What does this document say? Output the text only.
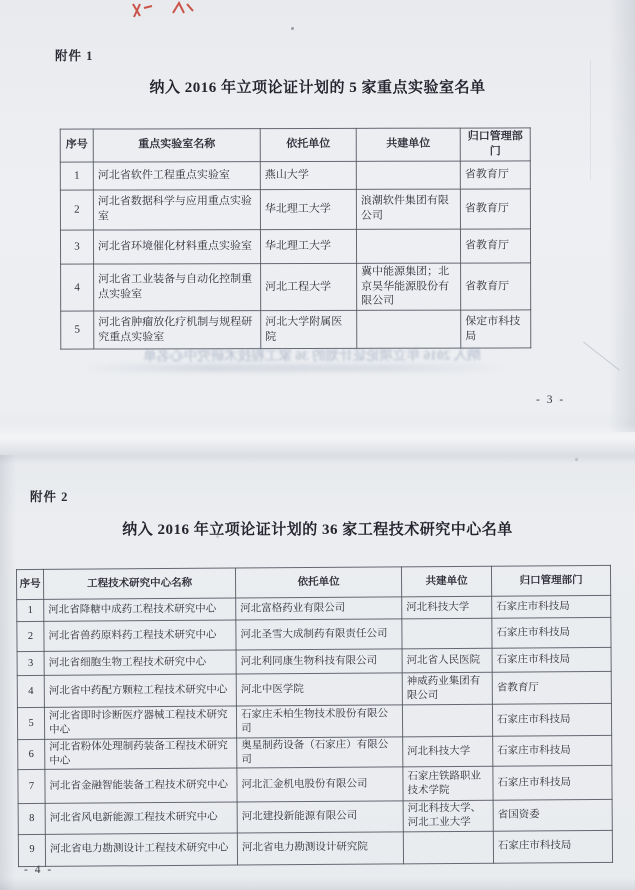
附件 1
纳入 2016 年立项论证计划的 5 家重点实验室名单
序号	重点实验室名称	依托单位	共建单位	归口管理部门
1	河北省软件工程重点实验室	燕山大学		省教育厅
2	河北省数据科学与应用重点实验室	华北理工大学	浪潮软件集团有限公司	省教育厅
3	河北省环境催化材料重点实验室	华北理工大学		省教育厅
4	河北省工业装备与自动化控制重点实验室	河北工程大学	冀中能源集团；北京昊华能源股份有限公司	省教育厅
5	河北省肿瘤放化疗机制与规程研究重点实验室	河北大学附属医院		保定市科技局
纳入 2016 年立项论证计划的 36 家工程技术研究中心名单
- 3 -
附件 2
纳入 2016 年立项论证计划的 36 家工程技术研究中心名单
序号	工程技术研究中心名称	依托单位	共建单位	归口管理部门
1	河北省降糖中成药工程技术研究中心	河北富格药业有限公司	河北科技大学	石家庄市科技局
2	河北省兽药原料药工程技术研究中心	河北圣雪大成制药有限责任公司		石家庄市科技局
3	河北省细胞生物工程技术研究中心	河北利同康生物科技有限公司	河北省人民医院	石家庄市科技局
4	河北省中药配方颗粒工程技术研究中心	河北中医学院	神威药业集团有限公司	省教育厅
5	河北省即时诊断医疗器械工程技术研究中心	石家庄禾柏生物技术股份有限公司		石家庄市科技局
6	河北省粉体处理制药装备工程技术研究中心	奥星制药设备（石家庄）有限公司	河北科技大学	石家庄市科技局
7	河北省金融智能装备工程技术研究中心	河北汇金机电股份有限公司	石家庄铁路职业技术学院	石家庄市科技局
8	河北省风电新能源工程技术研究中心	河北建投新能源有限公司	河北科技大学、河北工业大学	省国资委
9	河北省电力勘测设计工程技术研究中心	河北省电力勘测设计研究院		石家庄市科技局
- 4 -
